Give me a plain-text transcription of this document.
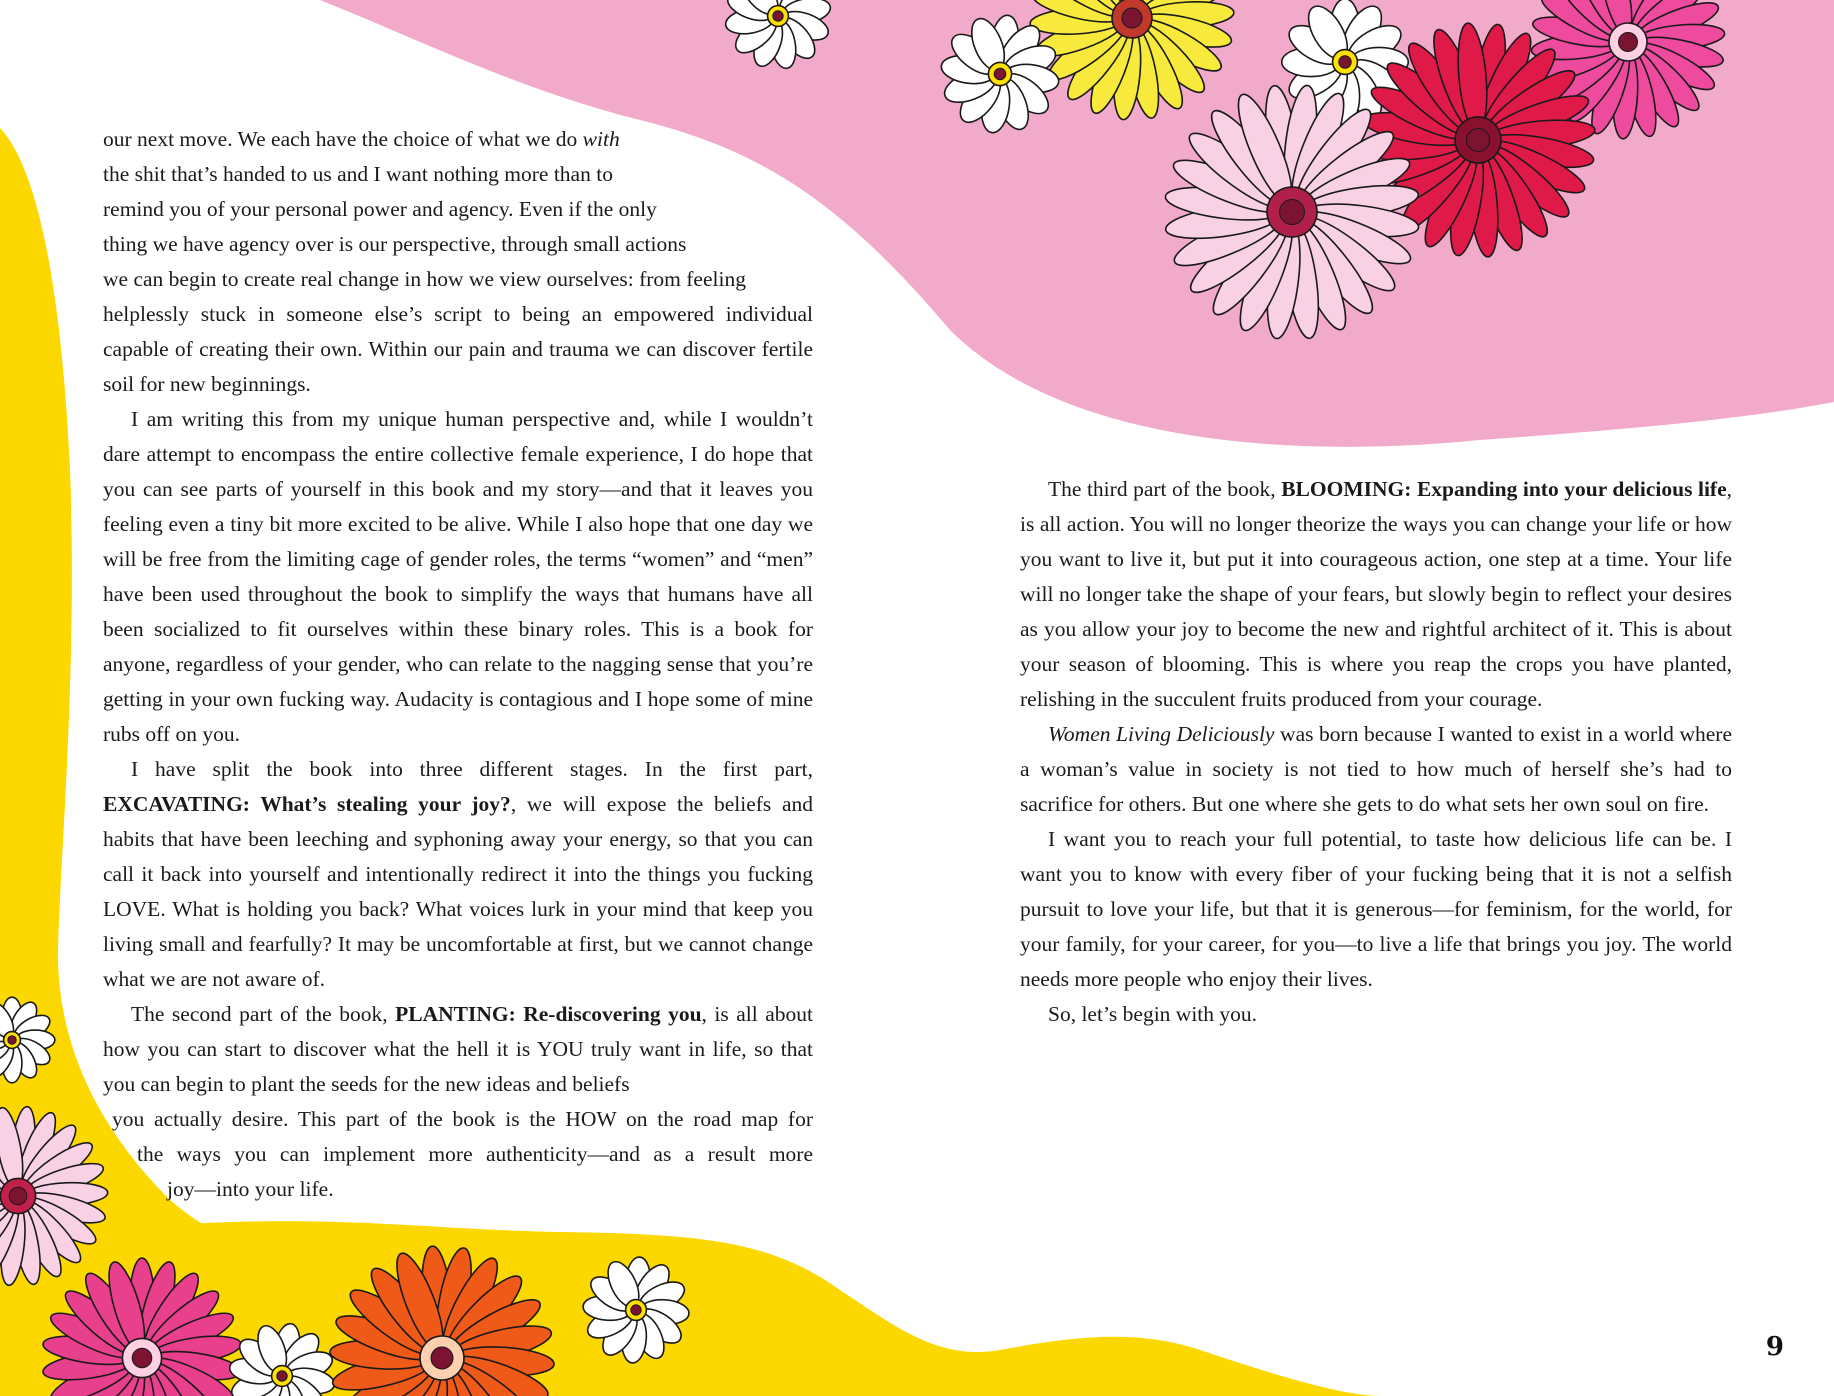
our next move. We each have the choice of what we do with
the shit that’s handed to us and I want nothing more than to
remind you of your personal power and agency. Even if the only
thing we have agency over is our perspective, through small actions
we can begin to create real change in how we view ourselves: from feeling
helplessly stuck in someone else’s script to being an empowered individual capable of creating their own. Within our pain and trauma we can discover fertile soil for new beginnings.

I am writing this from my unique human perspective and, while I wouldn’t dare attempt to encompass the entire collective female experience, I do hope that you can see parts of yourself in this book and my story—and that it leaves you feeling even a tiny bit more excited to be alive. While I also hope that one day we will be free from the limiting cage of gender roles, the terms “women” and “men” have been used throughout the book to simplify the ways that humans have all been socialized to fit ourselves within these binary roles. This is a book for anyone, regardless of your gender, who can relate to the nagging sense that you’re getting in your own fucking way. Audacity is contagious and I hope some of mine rubs off on you.

I have split the book into three different stages. In the first part, EXCAVATING: What’s stealing your joy?, we will expose the beliefs and habits that have been leeching and syphoning away your energy, so that you can call it back into yourself and intentionally redirect it into the things you fucking LOVE. What is holding you back? What voices lurk in your mind that keep you living small and fearfully? It may be uncomfortable at first, but we cannot change what we are not aware of.

The second part of the book, PLANTING: Re-discovering you, is all about how you can start to discover what the hell it is YOU truly want in life, so that you can begin to plant the seeds for the new ideas and beliefs
you actually desire. This part of the book is the HOW on the road map for
the ways you can implement more authenticity—and as a result more
joy—into your life.

The third part of the book, BLOOMING: Expanding into your delicious life, is all action. You will no longer theorize the ways you can change your life or how you want to live it, but put it into courageous action, one step at a time. Your life will no longer take the shape of your fears, but slowly begin to reflect your desires as you allow your joy to become the new and rightful architect of it. This is about your season of blooming. This is where you reap the crops you have planted, relishing in the succulent fruits produced from your courage.

Women Living Deliciously was born because I wanted to exist in a world where a woman’s value in society is not tied to how much of herself she’s had to sacrifice for others. But one where she gets to do what sets her own soul on fire.

I want you to reach your full potential, to taste how delicious life can be. I want you to know with every fiber of your fucking being that it is not a selfish pursuit to love your life, but that it is generous—for feminism, for the world, for your family, for your career, for you—to live a life that brings you joy. The world needs more people who enjoy their lives.

So, let’s begin with you.

9
